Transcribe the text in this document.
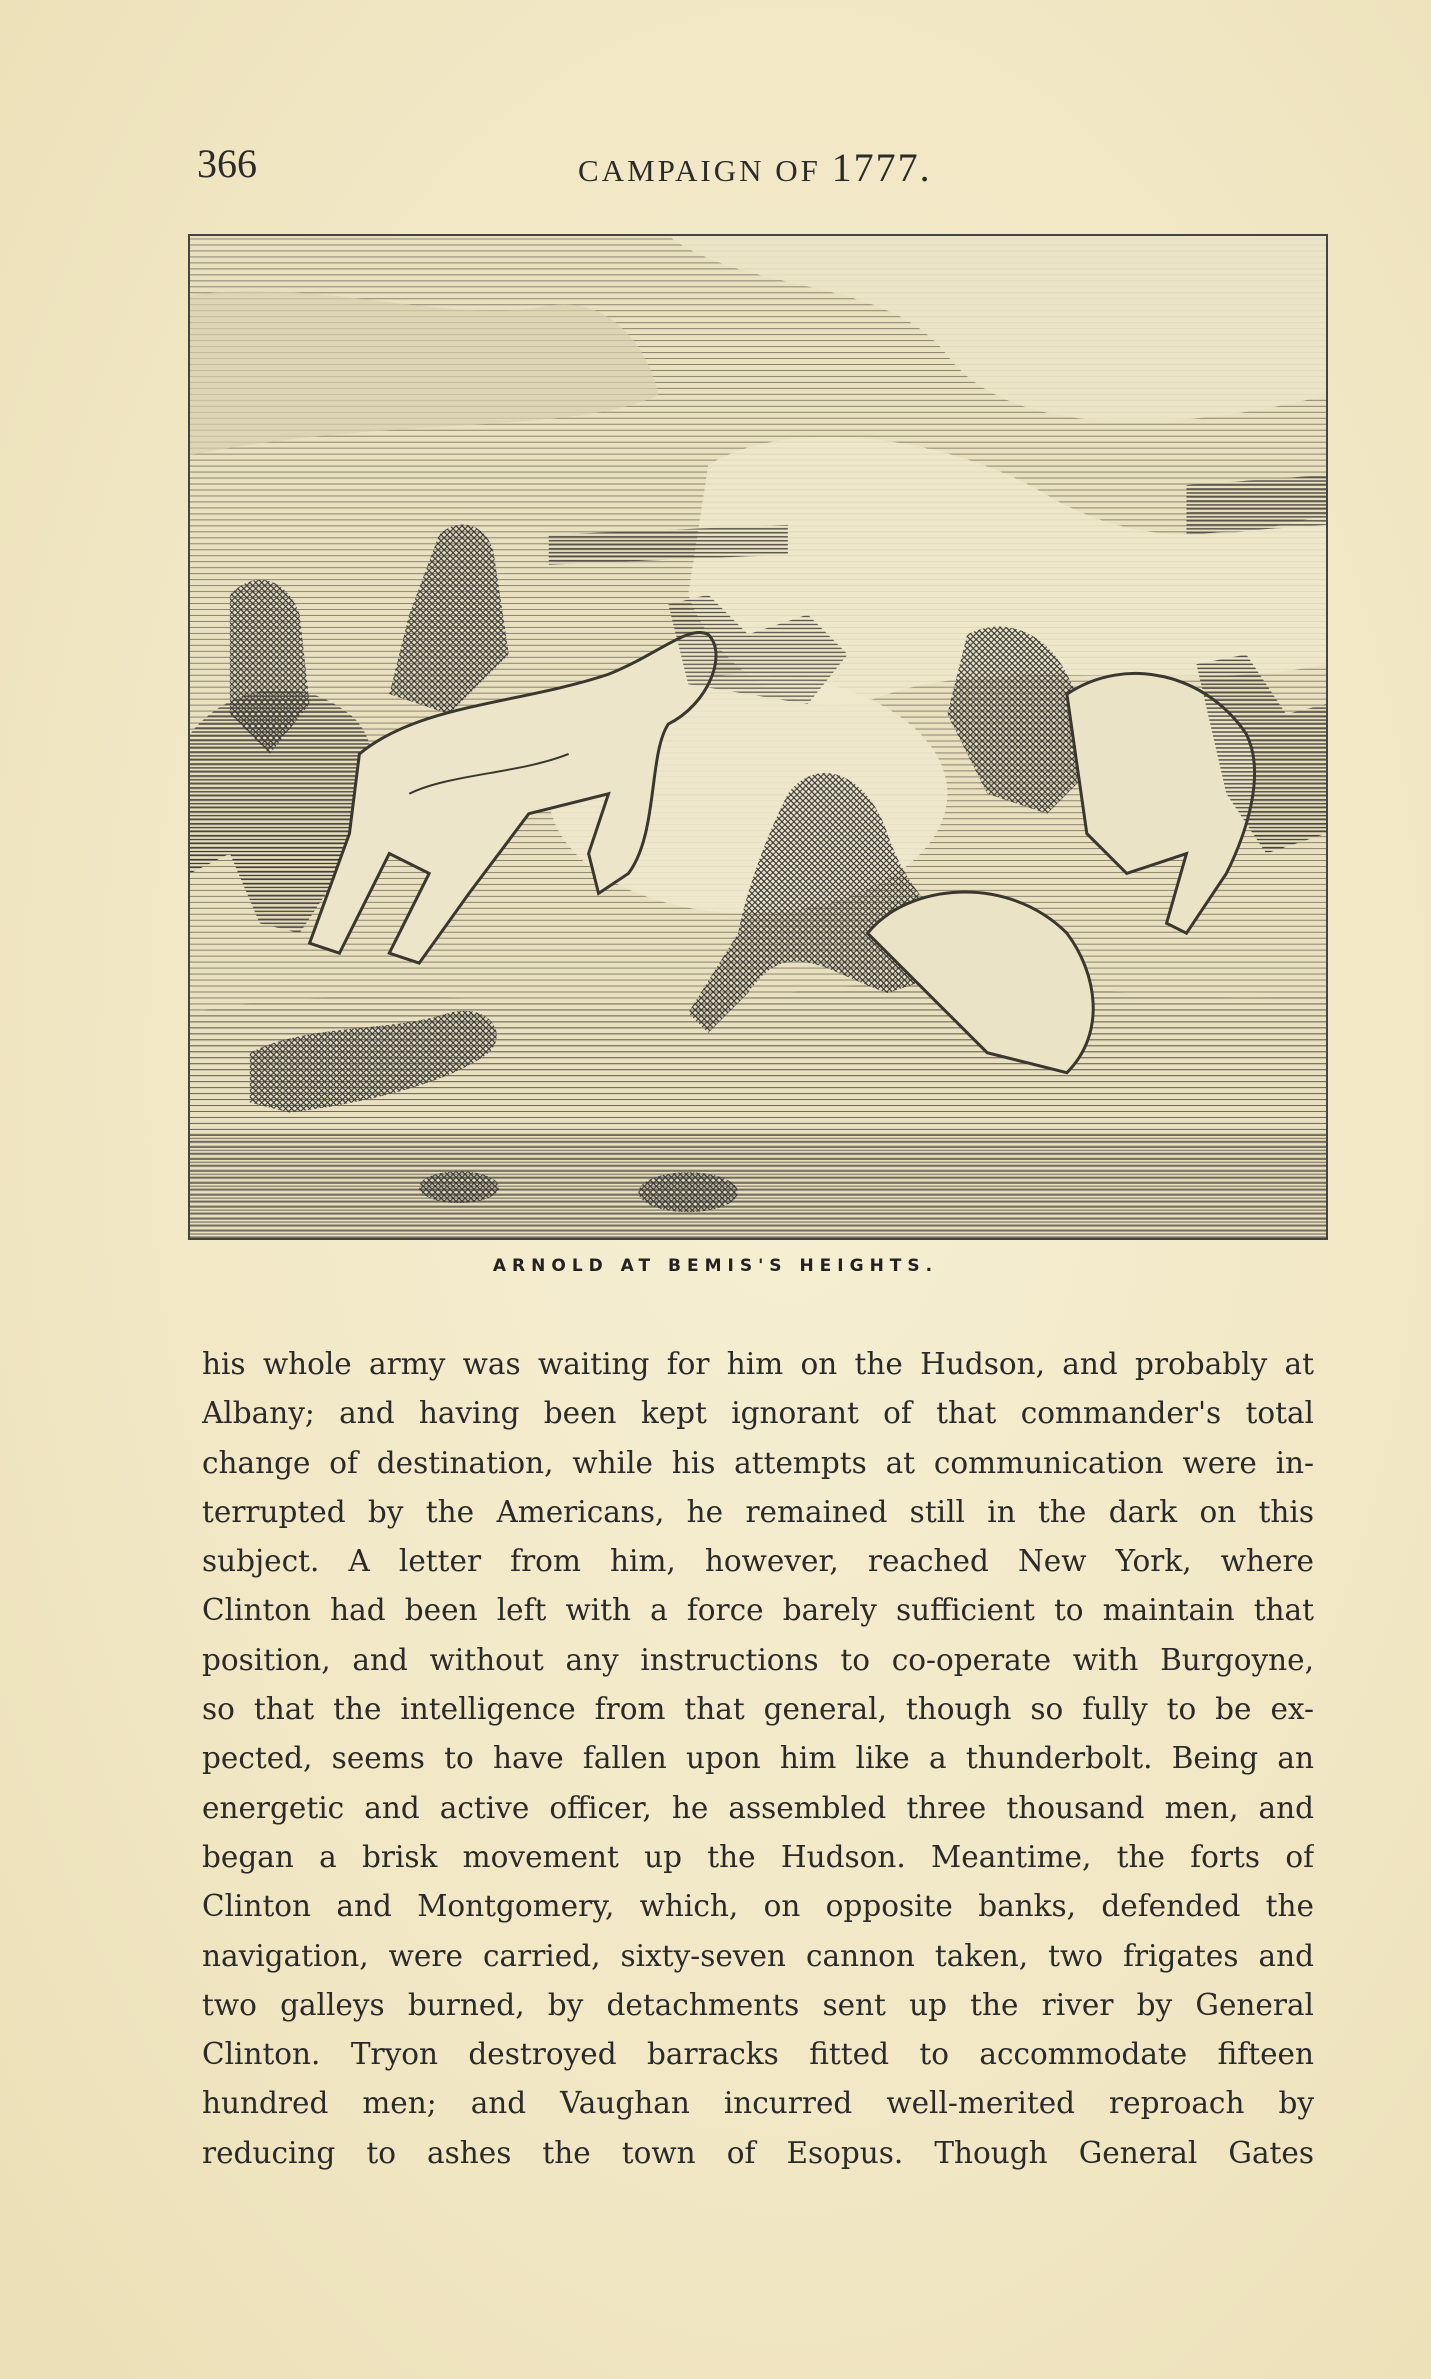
366	CAMPAIGN OF 1777.
ARNOLD AT BEMIS'S HEIGHTS.
his whole army was waiting for him on the Hudson, and probably at
Albany; and having been kept ignorant of that commander's total
change of destination, while his attempts at communication were in-
terrupted by the Americans, he remained still in the dark on this
subject. A letter from him, however, reached New York, where
Clinton had been left with a force barely sufficient to maintain that
position, and without any instructions to co-operate with Burgoyne,
so that the intelligence from that general, though so fully to be ex-
pected, seems to have fallen upon him like a thunderbolt. Being an
energetic and active officer, he assembled three thousand men, and
began a brisk movement up the Hudson. Meantime, the forts of
Clinton and Montgomery, which, on opposite banks, defended the
navigation, were carried, sixty-seven cannon taken, two frigates and
two galleys burned, by detachments sent up the river by General
Clinton. Tryon destroyed barracks fitted to accommodate fifteen
hundred men; and Vaughan incurred well-merited reproach by
reducing to ashes the town of Esopus. Though General Gates
